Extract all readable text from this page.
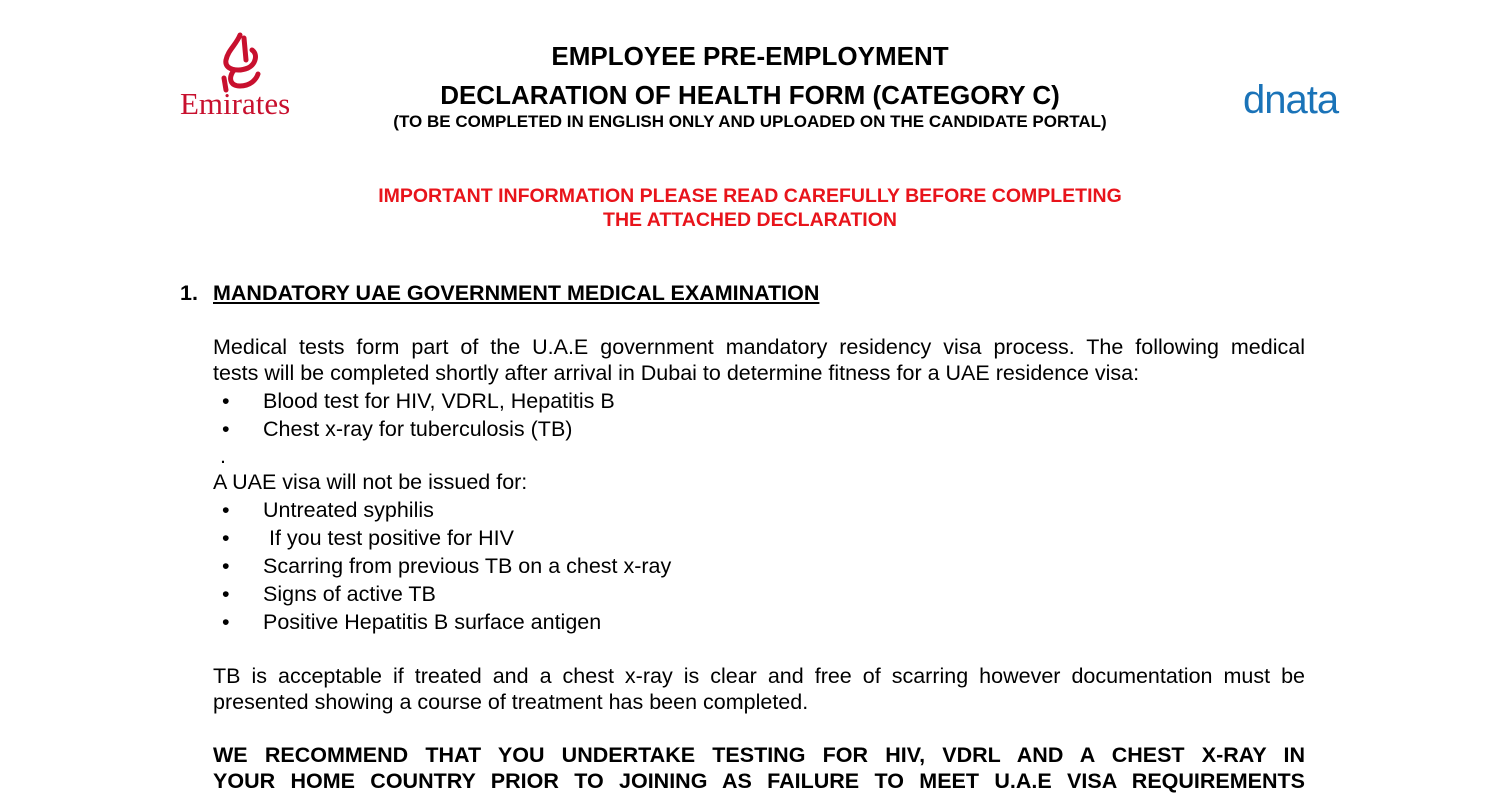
Emirates	dnata
EMPLOYEE PRE-EMPLOYMENT
DECLARATION OF HEALTH FORM (CATEGORY C)
(TO BE COMPLETED IN ENGLISH ONLY AND UPLOADED ON THE CANDIDATE PORTAL)
IMPORTANT INFORMATION PLEASE READ CAREFULLY BEFORE COMPLETING
THE ATTACHED DECLARATION
1. MANDATORY UAE GOVERNMENT MEDICAL EXAMINATION
Medical tests form part of the U.A.E government mandatory residency visa process. The following medical
tests will be completed shortly after arrival in Dubai to determine fitness for a UAE residence visa:
• Blood test for HIV, VDRL, Hepatitis B
• Chest x-ray for tuberculosis (TB)
.
A UAE visa will not be issued for:
• Untreated syphilis
• If you test positive for HIV
• Scarring from previous TB on a chest x-ray
• Signs of active TB
• Positive Hepatitis B surface antigen
TB is acceptable if treated and a chest x-ray is clear and free of scarring however documentation must be
presented showing a course of treatment has been completed.
WE RECOMMEND THAT YOU UNDERTAKE TESTING FOR HIV, VDRL AND A CHEST X-RAY IN
YOUR HOME COUNTRY PRIOR TO JOINING AS FAILURE TO MEET U.A.E VISA REQUIREMENTS
